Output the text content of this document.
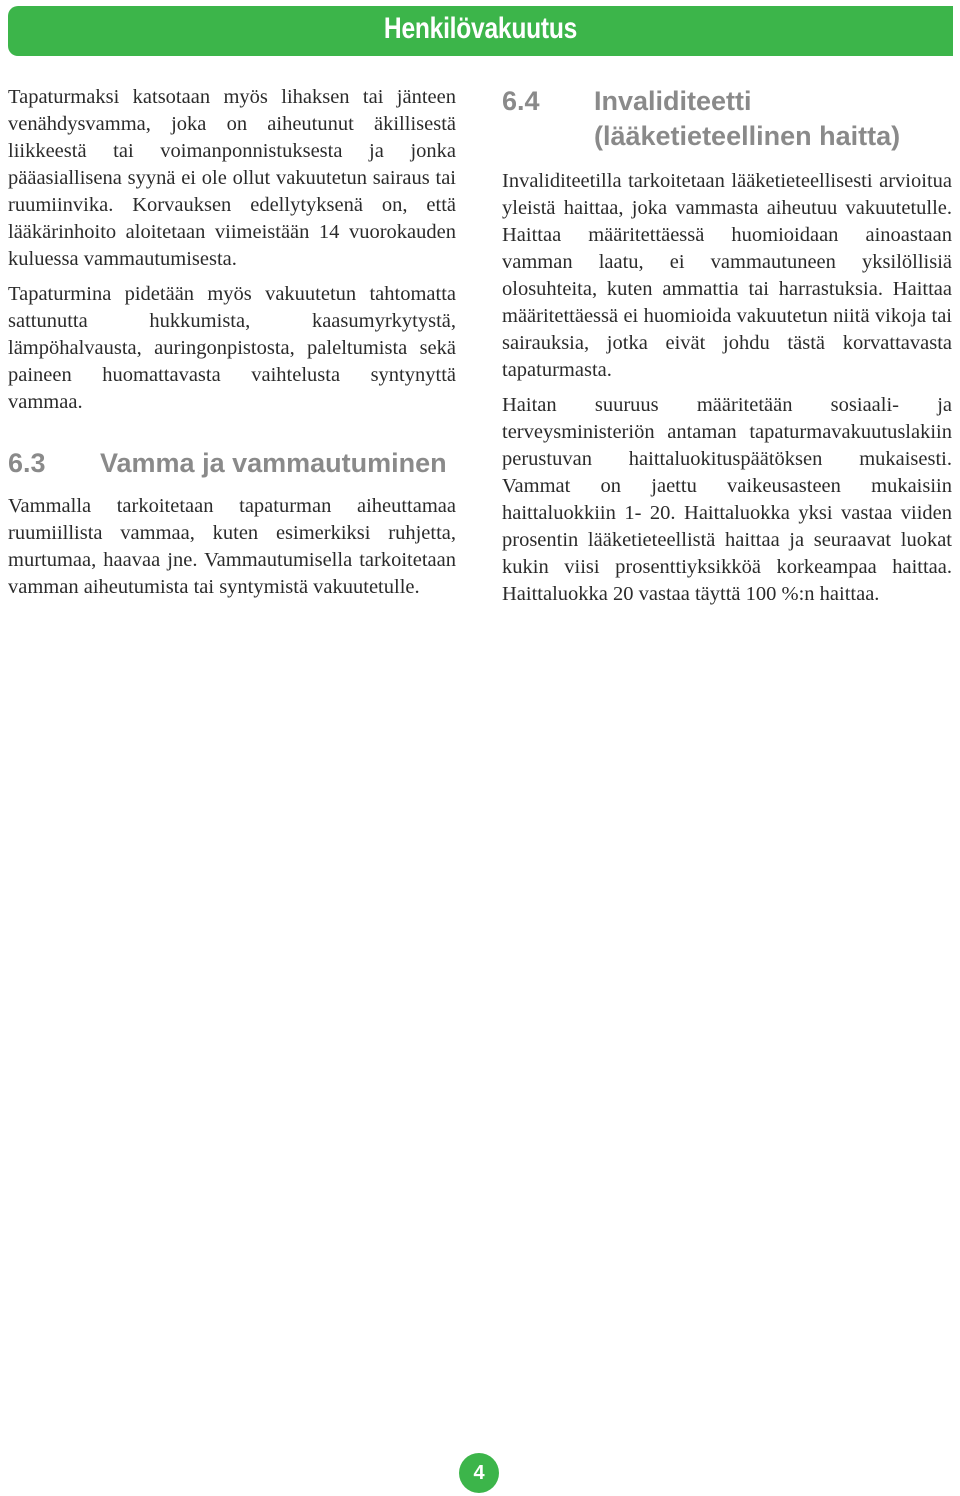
Henkilövakuutus

Tapaturmaksi katsotaan myös lihaksen tai jänteen venähdysvamma, joka on aiheutunut äkillisestä liikkeestä tai voimanponnistuksesta ja jonka pääasiallisena syynä ei ole ollut vakuutetun sairaus tai ruumiinvika. Korvauksen edellytyksenä on, että lääkärinhoito aloitetaan viimeistään 14 vuorokauden kuluessa vammautumisesta.

Tapaturmina pidetään myös vakuutetun tahtomatta sattunutta hukkumista, kaasumyrkytystä, lämpöhalvausta, auringonpistosta, paleltumista sekä paineen huomattavasta vaihtelusta syntynyttä vammaa.

6.3	Vamma ja vammautuminen

Vammalla tarkoitetaan tapaturman aiheuttamaa ruumiillista vammaa, kuten esimerkiksi ruhjetta, murtumaa, haavaa jne. Vammautumisella tarkoitetaan vamman aiheutumista tai syntymistä vakuutetulle.

6.4	Invaliditeetti (lääketieteellinen haitta)

Invaliditeetilla tarkoitetaan lääketieteellisesti arvioitua yleistä haittaa, joka vammasta aiheutuu vakuutetulle. Haittaa määritettäessä huomioidaan ainoastaan vamman laatu, ei vammautuneen yksilöllisiä olosuhteita, kuten ammattia tai harrastuksia. Haittaa määritettäessä ei huomioida vakuutetun niitä vikoja tai sairauksia, jotka eivät johdu tästä korvattavasta tapaturmasta.

Haitan suuruus määritetään sosiaali- ja terveysministeriön antaman tapaturmavakuutuslakiin perustuvan haittaluokituspäätöksen mukaisesti. Vammat on jaettu vaikeusasteen mukaisiin haittaluokkiin 1- 20. Haittaluokka yksi vastaa viiden prosentin lääketieteellistä haittaa ja seuraavat luokat kukin viisi prosenttiyksikköä korkeampaa haittaa. Haittaluokka 20 vastaa täyttä 100 %:n haittaa.

4
